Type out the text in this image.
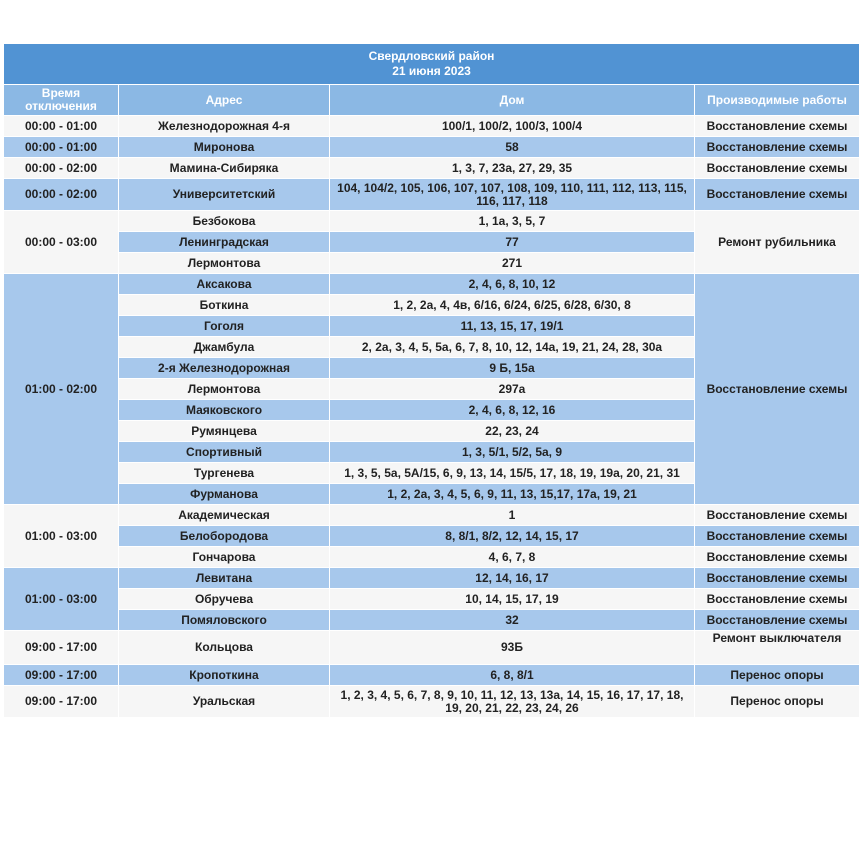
Свердловский район
21 июня 2023			

Время отключения	Адрес	Дом	Производимые работы
00:00 - 01:00	Железнодорожная 4-я	100/1, 100/2, 100/3, 100/4	Восстановление схемы
00:00 - 01:00	Миронова	58	Восстановление схемы
00:00 - 02:00	Мамина-Сибиряка	1, 3, 7, 23а, 27, 29, 35	Восстановление схемы
00:00 - 02:00	Университетский	104, 104/2, 105, 106, 107, 107, 108, 109, 110, 111, 112, 113, 115, 116, 117, 118	Восстановление схемы
00:00 - 03:00	Безбокова	1, 1а, 3, 5, 7	Ремонт рубильника
	Ленинградская	77	
	Лермонтова	271	
01:00 - 02:00	Аксакова	2, 4, 6, 8, 10, 12	Восстановление схемы
	Боткина	1, 2, 2а, 4, 4в, 6/16, 6/24, 6/25, 6/28, 6/30, 8	
	Гоголя	11, 13, 15, 17, 19/1	
	Джамбула	2, 2а, 3, 4, 5, 5а, 6, 7, 8, 10, 12, 14а, 19, 21, 24, 28, 30а	
	2-я Железнодорожная	9 Б, 15а	
	Лермонтова	297а	
	Маяковского	2, 4, 6, 8, 12, 16	
	Румянцева	22, 23, 24	
	Спортивный	1, 3, 5/1, 5/2, 5а, 9	
	Тургенева	1, 3, 5, 5а, 5А/15, 6, 9, 13, 14, 15/5, 17, 18, 19, 19а, 20, 21, 31	
	Фурманова	1, 2, 2а, 3, 4, 5, 6, 9, 11, 13, 15,17, 17а, 19, 21	
01:00 - 03:00	Академическая	1	Восстановление схемы
	Белобородова	8, 8/1, 8/2, 12, 14, 15, 17	Восстановление схемы
	Гончарова	4, 6, 7, 8	Восстановление схемы
01:00 - 03:00	Левитана	12, 14, 16, 17	Восстановление схемы
	Обручева	10, 14, 15, 17, 19	Восстановление схемы
	Помяловского	32	Восстановление схемы
09:00 - 17:00	Кольцова	93Б	Ремонт выключателя
09:00 - 17:00	Кропоткина	6, 8, 8/1	Перенос опоры
09:00 - 17:00	Уральская	1, 2, 3, 4, 5, 6, 7, 8, 9, 10, 11, 12, 13, 13а, 14, 15, 16, 17, 17, 18, 19, 20, 21, 22, 23, 24, 26	Перенос опоры
